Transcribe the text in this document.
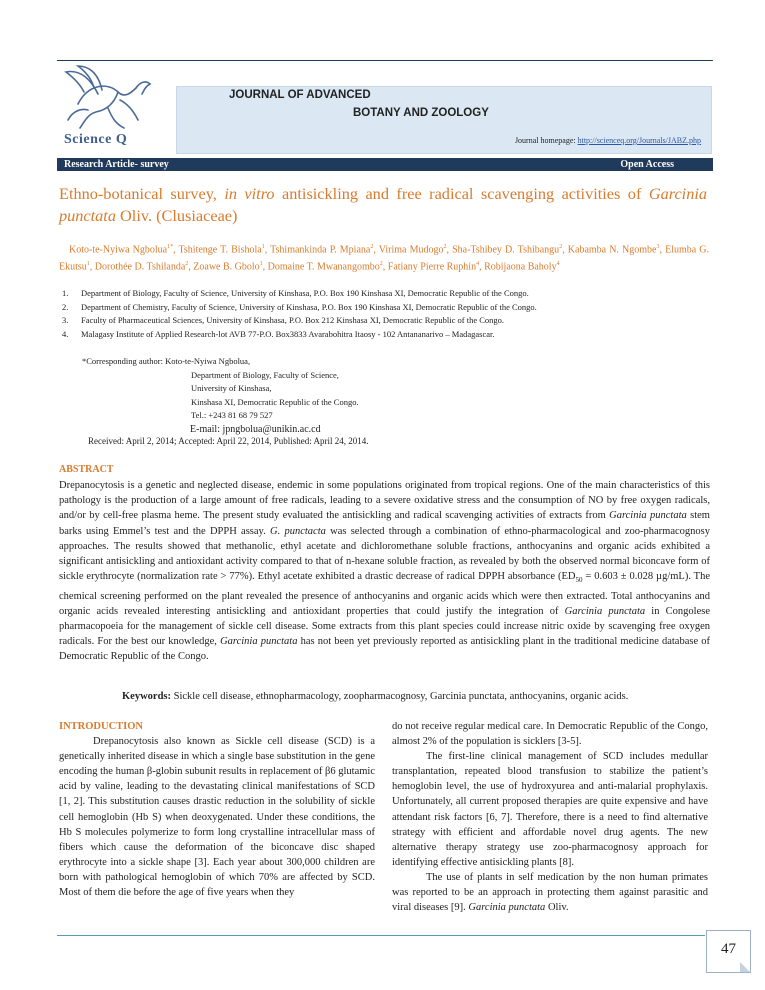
Science Q
JOURNAL OF ADVANCED
BOTANY AND ZOOLOGY
Journal homepage: http://scienceq.org/Journals/JABZ.php
Research Article- survey	Open Access
Ethno-botanical survey, in vitro antisickling and free radical scavenging activities of Garcinia punctata Oliv. (Clusiaceae)
Koto-te-Nyiwa Ngbolua$^{1*}$, Tshitenge T. Bishola$^1$, Tshimankinda P. Mpiana$^2$, Virima Mudogo$^2$, Sha-Tshibey D. Tshibangu$^2$, Kabamba N. Ngombe$^3$, Elumba G. Ekutsu$^1$, Dorothée D. Tshilanda$^2$, Zoawe B. Gbolo$^1$, Domaine T. Mwanangombo$^2$, Fatiany Pierre Ruphin$^4$, Robijaona Baholy$^4$
1. Department of Biology, Faculty of Science, University of Kinshasa, P.O. Box 190 Kinshasa XI, Democratic Republic of the Congo.
2. Department of Chemistry, Faculty of Science, University of Kinshasa, P.O. Box 190 Kinshasa XI, Democratic Republic of the Congo.
3. Faculty of Pharmaceutical Sciences, University of Kinshasa, P.O. Box 212 Kinshasa XI, Democratic Republic of the Congo.
4. Malagasy Institute of Applied Research-lot AVB 77-P.O. Box3833 Avarabohitra Itaosy - 102 Antananarivo – Madagascar.
*Corresponding author: Koto-te-Nyiwa Ngbolua,
Department of Biology, Faculty of Science,
University of Kinshasa,
Kinshasa XI, Democratic Republic of the Congo.
Tel.: +243 81 68 79 527
E-mail: jpngbolua@unikin.ac.cd
Received: April 2, 2014; Accepted: April 22, 2014, Published: April 24, 2014.
ABSTRACT
Drepanocytosis is a genetic and neglected disease, endemic in some populations originated from tropical regions. One of the main characteristics of this pathology is the production of a large amount of free radicals, leading to a severe oxidative stress and the consumption of NO by free oxygen radicals, and/or by cell-free plasma heme. The present study evaluated the antisickling and radical scavenging activities of extracts from Garcinia punctata stem barks using Emmel’s test and the DPPH assay. G. punctacta was selected through a combination of ethno-pharmacological and zoo-pharmacognosy approaches. The results showed that methanolic, ethyl acetate and dichloromethane soluble fractions, anthocyanins and organic acids exhibited a significant antisickling and antioxidant activity compared to that of n-hexane soluble fraction, as revealed by both the observed normal biconcave form of sickle erythrocyte (normalization rate > 77%). Ethyl acetate exhibited a drastic decrease of radical DPPH absorbance ($ED_{50} = 0.603 \pm 0.028$ µg/mL). The chemical screening performed on the plant revealed the presence of anthocyanins and organic acids which were then extracted. Total anthocyanins and organic acids revealed interesting antisickling and antioxidant properties that could justify the integration of Garcinia punctata in Congolese pharmacopoeia for the management of sickle cell disease. Some extracts from this plant species could increase nitric oxide by scavenging free oxygen radicals. For the best our knowledge, Garcinia punctata has not been yet previously reported as antisickling plant in the traditional medicine database of Democratic Republic of the Congo.
Keywords: Sickle cell disease, ethnopharmacology, zoopharmacognosy, Garcinia punctata, anthocyanins, organic acids.
INTRODUCTION

Drepanocytosis also known as Sickle cell disease (SCD) is a genetically inherited disease in which a single base substitution in the gene encoding the human β-globin subunit results in replacement of β6 glutamic acid by valine, leading to the devastating clinical manifestations of SCD [1, 2]. This substitution causes drastic reduction in the solubility of sickle cell hemoglobin (Hb S) when deoxygenated. Under these conditions, the Hb S molecules polymerize to form long crystalline intracellular mass of fibers which cause the deformation of the biconcave disc shaped erythrocyte into a sickle shape [3]. Each year about 300,000 children are born with pathological hemoglobin of which 70% are affected by SCD. Most of them die before the age of five years when they

do not receive regular medical care. In Democratic Republic of the Congo, almost 2% of the population is sicklers [3-5].

The first-line clinical management of SCD includes medullar transplantation, repeated blood transfusion to stabilize the patient’s hemoglobin level, the use of hydroxyurea and anti-malarial prophylaxis. Unfortunately, all current proposed therapies are quite expensive and have attendant risk factors [6, 7]. Therefore, there is a need to find alternative strategy with efficient and affordable novel drug agents. The new alternative therapy strategy use zoo-pharmacognosy approach for identifying effective antisickling plants [8].

The use of plants in self medication by the non human primates was reported to be an approach in protecting them against parasitic and viral diseases [9]. Garcinia punctata Oliv.

47
